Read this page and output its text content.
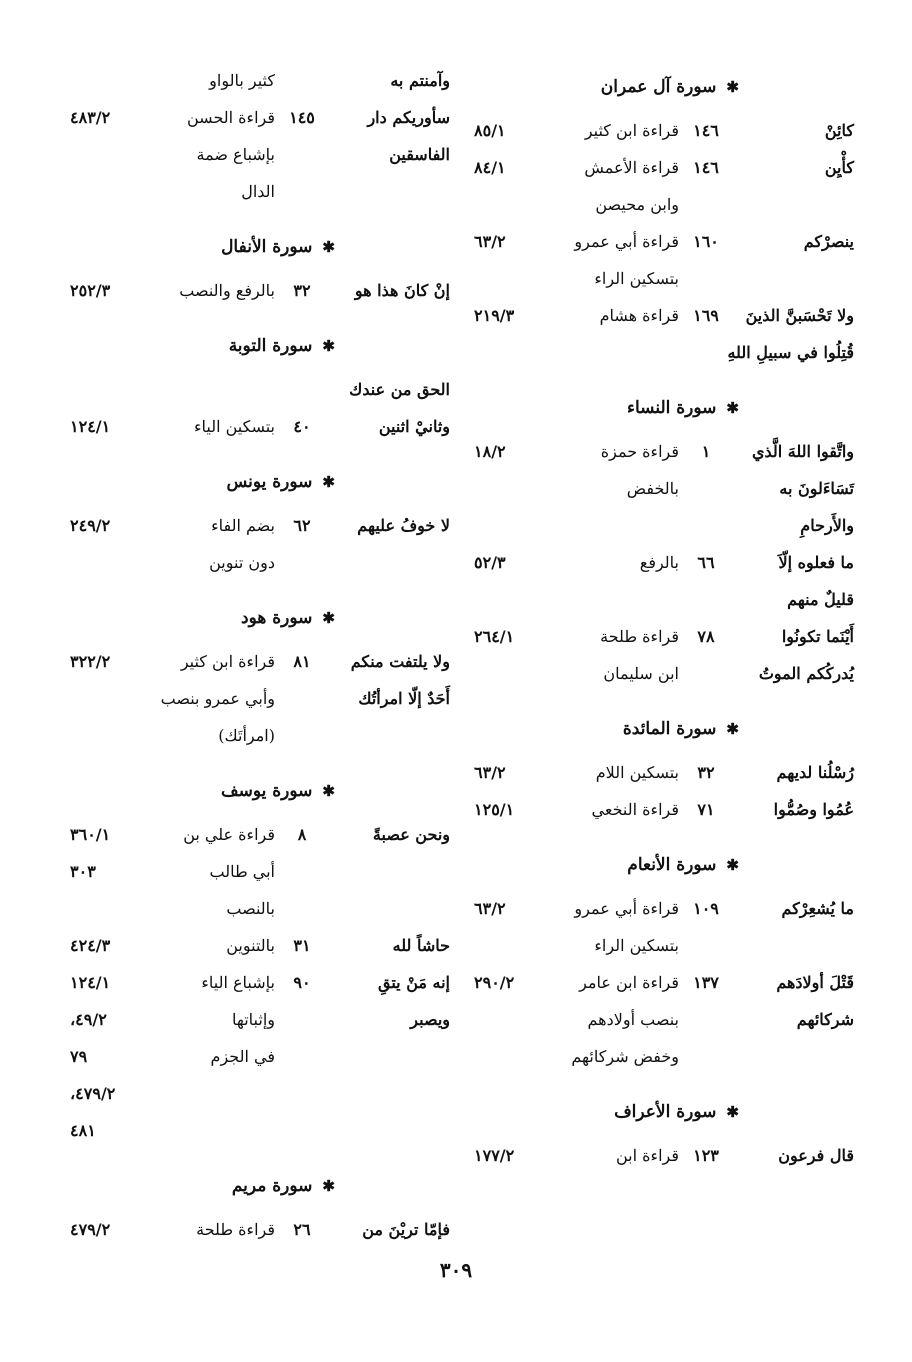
✱سورة آل عمران
كائِنْ
١٤٦
قراءة ابن كثير
٨٥/١
كأْيِن
١٤٦
قراءة الأعمش
٨٤/١
وابن محيصن
ينصرْكم
١٦٠
قراءة أبي عمرو
٦٣/٢
بتسكين الراء
ولا تَحْسَبنَّ الذينَ
١٦٩
قراءة هشام
٢١٩/٣
قُتِلُوا في سبيلِ اللهِ
✱سورة النساء
واتَّقوا اللهَ الَّذي
١
قراءة حمزة
١٨/٢
تَسَاءَلونَ به
بالخفض
والأَرحامِ
ما فعلوه إلّاَ
٦٦
بالرفع
٥٢/٣
قليلٌ منهم
أَيْنَما تكونُوا
٧٨
قراءة طلحة
٢٦٤/١
يُدركُكم الموتُ
ابن سليمان
✱سورة المائدة
رُسْلُنا لديهم
٣٢
بتسكين اللام
٦٣/٢
عُمُوا وصُمُّوا
٧١
قراءة النخعي
١٢٥/١
✱سورة الأنعام
ما يُشعِرْكم
١٠٩
قراءة أبي عمرو
٦٣/٢
بتسكين الراء
قَتْلَ أولادَهم
١٣٧
قراءة ابن عامر
٢٩٠/٢
شركائهم
بنصب أولادهم
وخفض شركائهم
✱سورة الأعراف
قال فرعون
١٢٣
قراءة ابن
١٧٧/٢
وآمنتم به
كثير بالواو
سأوريكم دار
١٤٥
قراءة الحسن
٤٨٣/٢
الفاسقين
بإشباع ضمة
الدال
✱سورة الأنفال
إنْ كانَ هذا هو
٣٢
بالرفع والنصب
٢٥٢/٣
✱سورة التوبة
الحق من عندك
وثانيْ اثنين
٤٠
بتسكين الياء
١٢٤/١
✱سورة يونس
لا خوفُ عليهم
٦٢
بضم الفاء
٢٤٩/٢
دون تنوين
✱سورة هود
ولا يلتفت منكم
٨١
قراءة ابن كثير
٣٢٢/٢
أَحَدٌ إلّا امرأتُك
وأبي عمرو بنصب
(امرأتَك)
✱سورة يوسف
ونحن عصبةً
٨
قراءة علي بن
٣٦٠/١
أبي طالب
٣٠٣
بالنصب
حاشاً لله
٣١
بالتنوين
٤٢٤/٣
إنه مَنْ يتقِ
٩٠
بإشباع الياء
١٢٤/١
ويصبر
وإثباتها
٤٩/٢،
في الجزم
٧٩
٤٧٩/٢،
٤٨١
✱سورة مريم
فإمّا تريْنَ من
٢٦
قراءة طلحة
٤٧٩/٢
٣٠٩
